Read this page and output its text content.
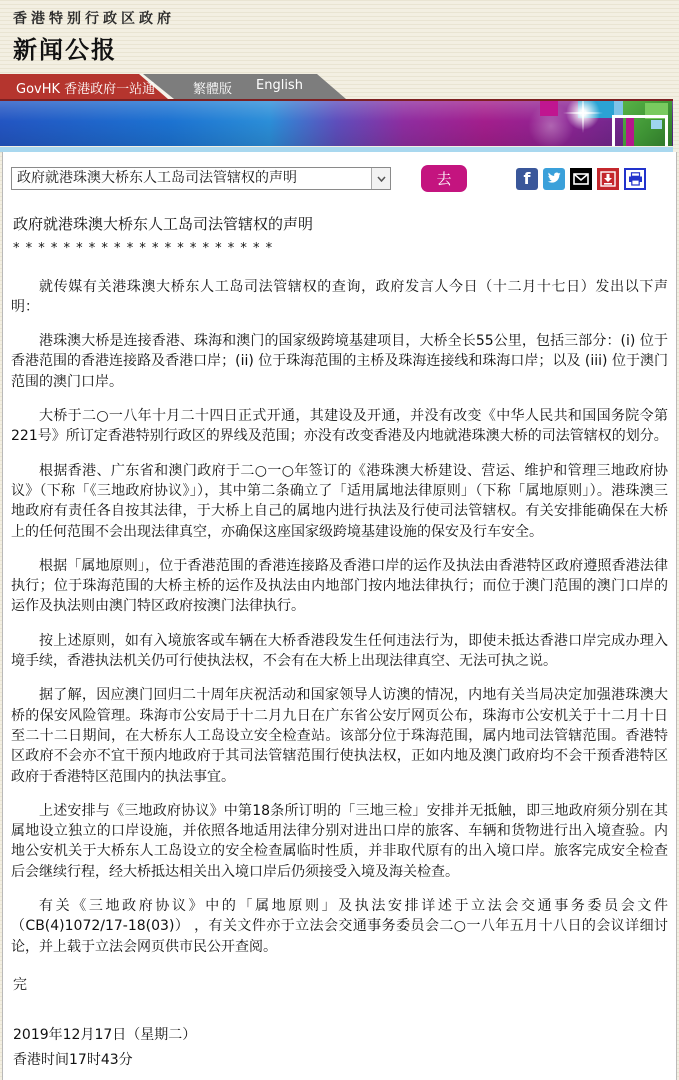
香港特别行政区政府
新闻公报
GovHK 香港政府一站通	繁體版 English
政府就港珠澳大桥东人工岛司法管辖权的声明	去	f
政府就港珠澳大桥东人工岛司法管辖权的声明
* * * * * * * * * * * * * * * * * * * * *

就传媒有关港珠澳大桥东人工岛司法管辖权的查询，政府发言人今日（十二月十七日）发出以下声明：

港珠澳大桥是连接香港、珠海和澳门的国家级跨境基建项目，大桥全长55公里，包括三部分：(i) 位于香港范围的香港连接路及香港口岸；(ii) 位于珠海范围的主桥及珠海连接线和珠海口岸；以及 (iii) 位于澳门范围的澳门口岸。

大桥于二○一八年十月二十四日正式开通，其建设及开通，并没有改变《中华人民共和国国务院令第221号》所订定香港特别行政区的界线及范围；亦没有改变香港及内地就港珠澳大桥的司法管辖权的划分。

根据香港、广东省和澳门政府于二○一○年签订的《港珠澳大桥建设、营运、维护和管理三地政府协议》（下称「《三地政府协议》」），其中第二条确立了「适用属地法律原则」（下称「属地原则」）。港珠澳三地政府有责任各自按其法律，于大桥上自己的属地内进行执法及行使司法管辖权。有关安排能确保在大桥上的任何范围不会出现法律真空，亦确保这座国家级跨境基建设施的保安及行车安全。

根据「属地原则」，位于香港范围的香港连接路及香港口岸的运作及执法由香港特区政府遵照香港法律执行；位于珠海范围的大桥主桥的运作及执法由内地部门按内地法律执行；而位于澳门范围的澳门口岸的运作及执法则由澳门特区政府按澳门法律执行。

按上述原则，如有入境旅客或车辆在大桥香港段发生任何违法行为，即使未抵达香港口岸完成办理入境手续，香港执法机关仍可行使执法权，不会有在大桥上出现法律真空、无法可执之说。

据了解，因应澳门回归二十周年庆祝活动和国家领导人访澳的情况，内地有关当局决定加强港珠澳大桥的保安风险管理。珠海市公安局于十二月九日在广东省公安厅网页公布，珠海市公安机关于十二月十日至二十二日期间，在大桥东人工岛设立安全检查站。该部分位于珠海范围，属内地司法管辖范围。香港特区政府不会亦不宜干预内地政府于其司法管辖范围行使执法权，正如内地及澳门政府均不会干预香港特区政府于香港特区范围内的执法事宜。

上述安排与《三地政府协议》中第18条所订明的「三地三检」安排并无抵触，即三地政府须分别在其属地设立独立的口岸设施，并依照各地适用法律分别对进出口岸的旅客、车辆和货物进行出入境查验。内地公安机关于大桥东人工岛设立的安全检查属临时性质，并非取代原有的出入境口岸。旅客完成安全检查后会继续行程，经大桥抵达相关出入境口岸后仍须接受入境及海关检查。

有关《三地政府协议》中的「属地原则」及执法安排详述于立法会交通事务委员会文件 （CB(4)1072/17-18(03)） ，有关文件亦于立法会交通事务委员会二○一八年五月十八日的会议详细讨论，并上载于立法会网页供市民公开查阅。

完
2019年12月17日（星期二）
香港时间17时43分
